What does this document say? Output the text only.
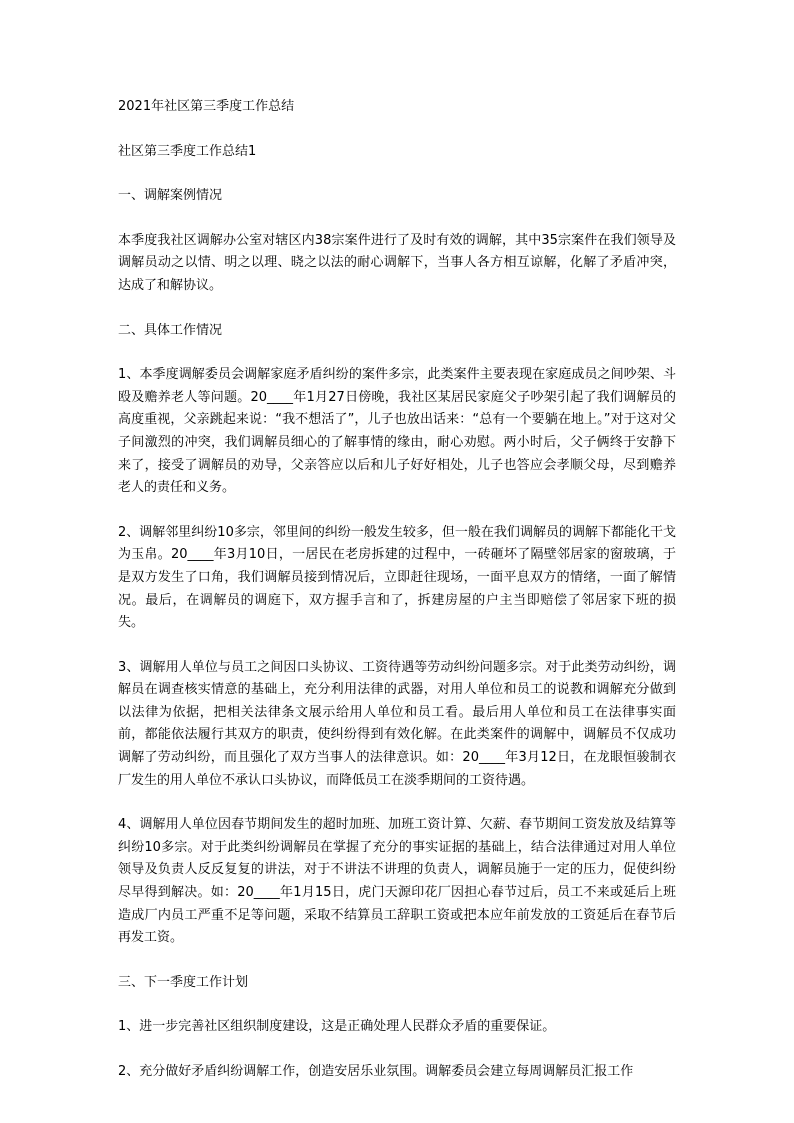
2021年社区第三季度工作总结

社区第三季度工作总结1

一、调解案例情况

本季度我社区调解办公室对辖区内38宗案件进行了及时有效的调解，其中35宗案件在我们领导及调解员动之以情、明之以理、晓之以法的耐心调解下，当事人各方相互谅解，化解了矛盾冲突，达成了和解协议。

二、具体工作情况

1、本季度调解委员会调解家庭矛盾纠纷的案件多宗，此类案件主要表现在家庭成员之间吵架、斗殴及赡养老人等问题。20____年1月27日傍晚，我社区某居民家庭父子吵架引起了我们调解员的高度重视，父亲跳起来说：“我不想活了”，儿子也放出话来：“总有一个要躺在地上。”对于这对父子间激烈的冲突，我们调解员细心的了解事情的缘由，耐心劝慰。两小时后，父子俩终于安静下来了，接受了调解员的劝导，父亲答应以后和儿子好好相处，儿子也答应会孝顺父母，尽到赡养老人的责任和义务。

2、调解邻里纠纷10多宗，邻里间的纠纷一般发生较多，但一般在我们调解员的调解下都能化干戈为玉帛。20____年3月10日，一居民在老房拆建的过程中，一砖砸坏了隔壁邻居家的窗玻璃，于是双方发生了口角，我们调解员接到情况后，立即赶往现场，一面平息双方的情绪，一面了解情况。最后，在调解员的调庭下，双方握手言和了，拆建房屋的户主当即赔偿了邻居家下班的损失。

3、调解用人单位与员工之间因口头协议、工资待遇等劳动纠纷问题多宗。对于此类劳动纠纷，调解员在调查核实情意的基础上，充分利用法律的武器，对用人单位和员工的说教和调解充分做到以法律为依据，把相关法律条文展示给用人单位和员工看。最后用人单位和员工在法律事实面前，都能依法履行其双方的职责，使纠纷得到有效化解。在此类案件的调解中，调解员不仅成功调解了劳动纠纷，而且强化了双方当事人的法律意识。如：20____年3月12日，在龙眼恒骏制衣厂发生的用人单位不承认口头协议，而降低员工在淡季期间的工资待遇。

4、调解用人单位因春节期间发生的超时加班、加班工资计算、欠薪、春节期间工资发放及结算等纠纷10多宗。对于此类纠纷调解员在掌握了充分的事实证据的基础上，结合法律通过对用人单位领导及负责人反反复复的讲法，对于不讲法不讲理的负责人，调解员施于一定的压力，促使纠纷尽早得到解决。如：20____年1月15日，虎门天源印花厂因担心春节过后，员工不来或延后上班造成厂内员工严重不足等问题，采取不结算员工辞职工资或把本应年前发放的工资延后在春节后再发工资。

三、下一季度工作计划

1、进一步完善社区组织制度建设，这是正确处理人民群众矛盾的重要保证。

2、充分做好矛盾纠纷调解工作，创造安居乐业氛围。调解委员会建立每周调解员汇报工作
